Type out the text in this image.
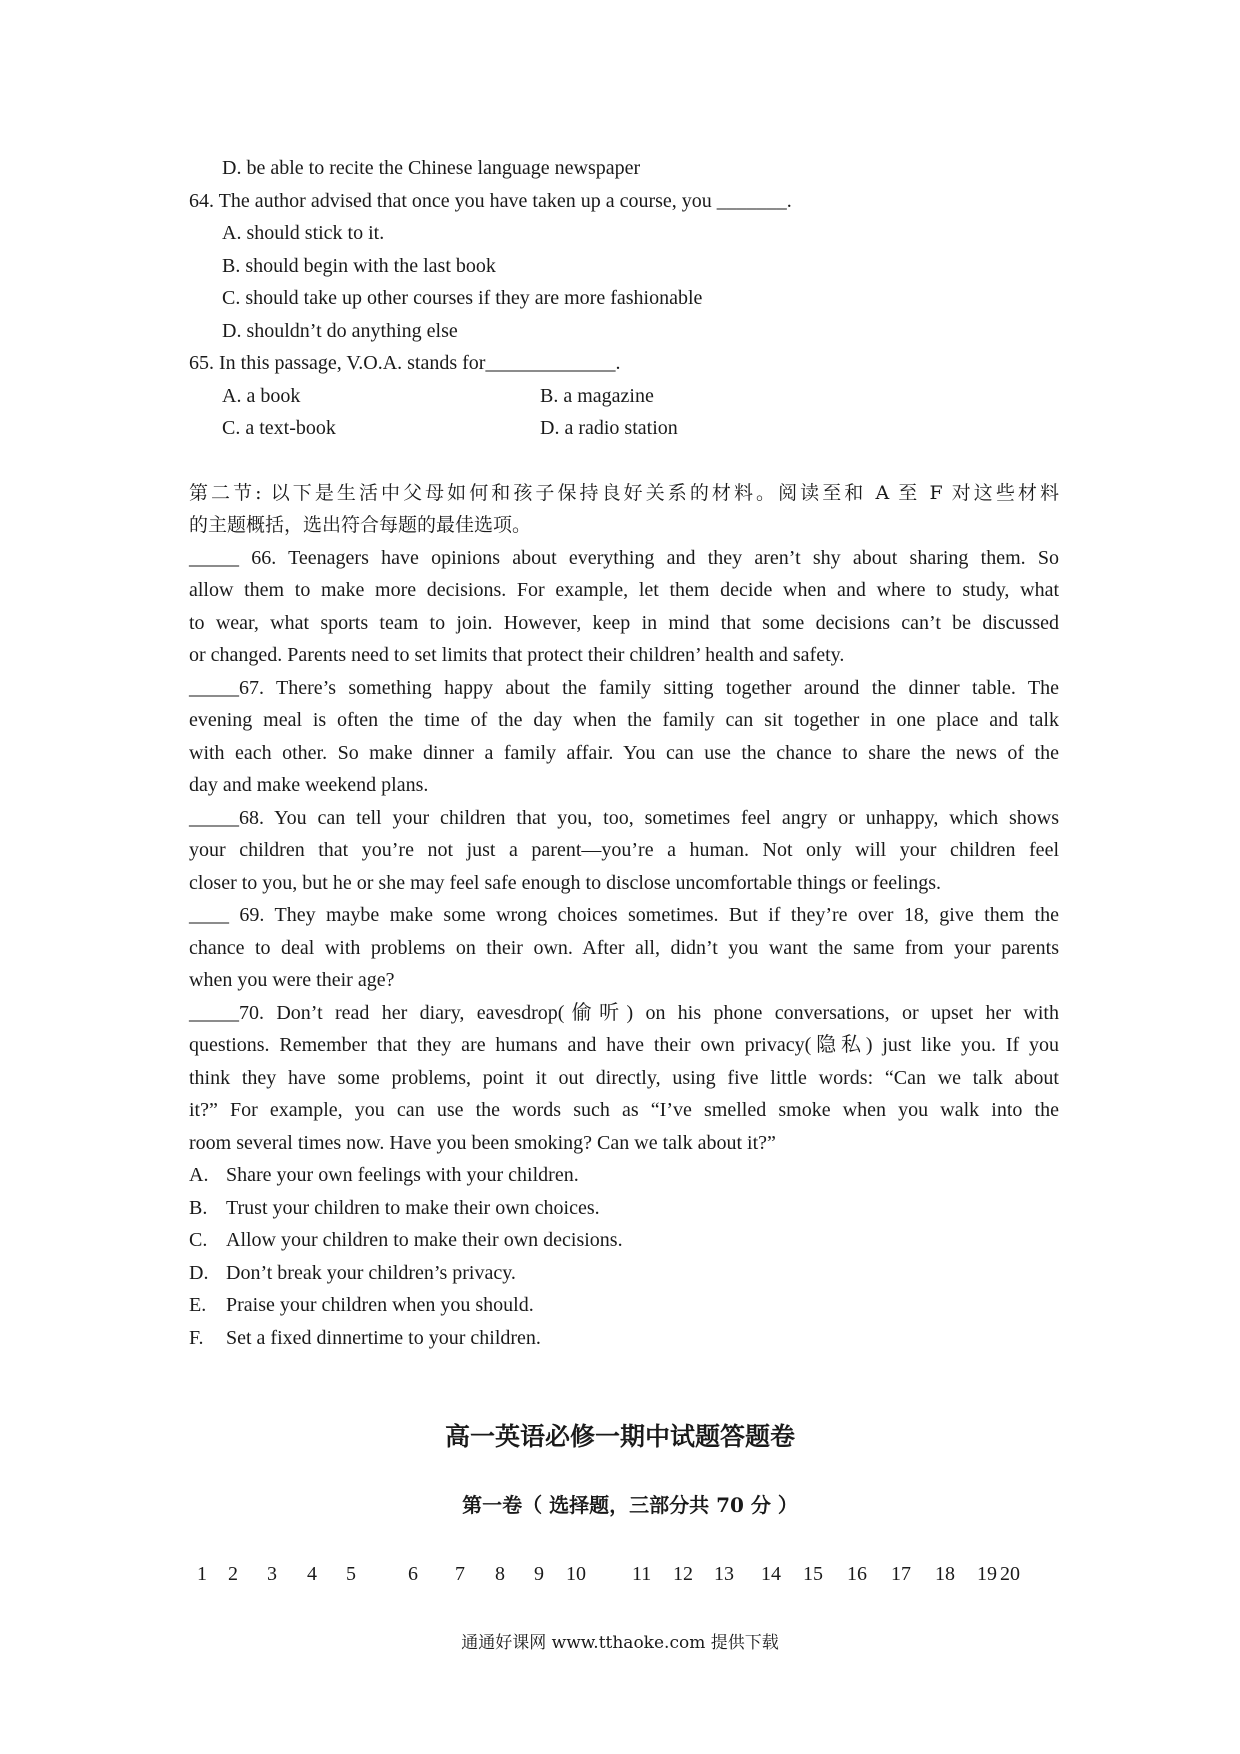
D. be able to recite the Chinese language newspaper
64. The author advised that once you have taken up a course, you _______.
A. should stick to it.
B. should begin with the last book
C. should take up other courses if they are more fashionable
D. shouldn’t do anything else
65. In this passage, V.O.A. stands for_____________.
A. a book	B. a magazine
C. a text-book	D. a radio station
第二节: 以下是生活中父母如何和孩子保持良好关系的材料。阅读至和 A 至 F 对这些材料
的主题概括，选出符合每题的最佳选项。
_____ 66. Teenagers have opinions about everything and they aren’t shy about sharing them. So
allow them to make more decisions. For example, let them decide when and where to study, what
to wear, what sports team to join. However, keep in mind that some decisions can’t be discussed
or changed. Parents need to set limits that protect their children’ health and safety.
_____67. There’s something happy about the family sitting together around the dinner table. The
evening meal is often the time of the day when the family can sit together in one place and talk
with each other. So make dinner a family affair. You can use the chance to share the news of the
day and make weekend plans.
_____68. You can tell your children that you, too, sometimes feel angry or unhappy, which shows
your children that you’re not just a parent—you’re a human. Not only will your children feel
closer to you, but he or she may feel safe enough to disclose uncomfortable things or feelings.
____ 69. They maybe make some wrong choices sometimes. But if they’re over 18, give them the
chance to deal with problems on their own. After all, didn’t you want the same from your parents
when you were their age?
_____70. Don’t read her diary, eavesdrop(偷听) on his phone conversations, or upset her with
questions. Remember that they are humans and have their own privacy(隐私) just like you. If you
think they have some problems, point it out directly, using five little words: “Can we talk about
it?” For example, you can use the words such as “I’ve smelled smoke when you walk into the
room several times now. Have you been smoking? Can we talk about it?”
A. Share your own feelings with your children.
B. Trust your children to make their own choices.
C. Allow your children to make their own decisions.
D. Don’t break your children’s privacy.
E. Praise your children when you should.
F. Set a fixed dinnertime to your children.
高一英语必修一期中试题答题卷
第一卷（ 选择题，三部分共 70 分 ）
1 2 3 4 5	6 7 8 9 10 11 12 13 14 15 16 17 18 19 20
通通好课网 www.tthaoke.com 提供下载
